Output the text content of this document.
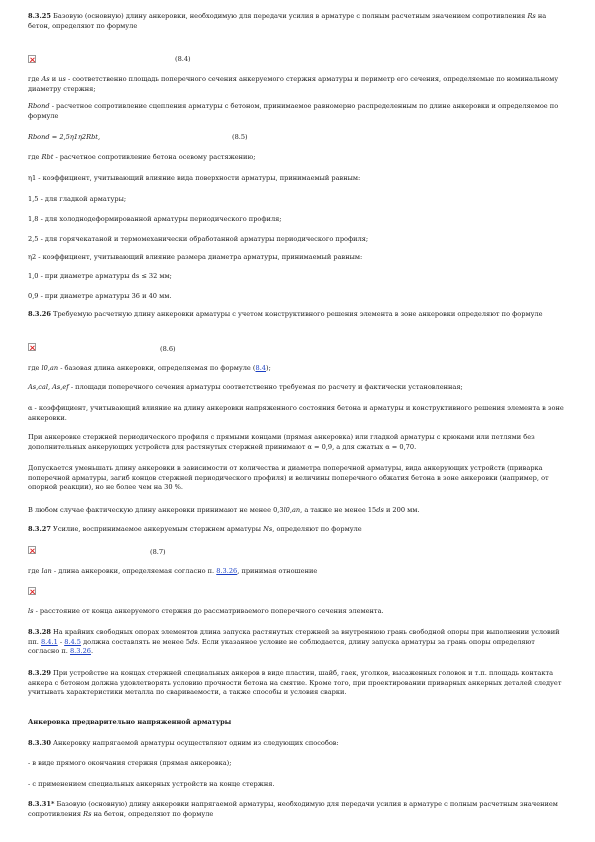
8.3.25 Базовую (основную) длину анкеровки, необходимую для передачи усилия в арматуре с полным расчетным значением сопротивления Rs на бетон, определяют по формуле

(8.4)

где As и us - соответственно площадь поперечного сечения анкеруемого стержня арматуры и периметр его сечения, определяемые по номинальному диаметру стержня;

Rbond - расчетное сопротивление сцепления арматуры с бетоном, принимаемое равномерно распределенным по длине анкеровки и определяемое по формуле

Rbond = 2,5η1η2Rbt,	(8.5)

где Rbt - расчетное сопротивление бетона осевому растяжению;

η1 - коэффициент, учитывающий влияние вида поверхности арматуры, принимаемый равным:

1,5 - для гладкой арматуры;

1,8 - для холоднодеформированной арматуры периодического профиля;

2,5 - для горячекатаной и термомеханически обработанной арматуры периодического профиля;

η2 - коэффициент, учитывающий влияние размера диаметра арматуры, принимаемый равным:

1,0 - при диаметре арматуры ds ≤ 32 мм;

0,9 - при диаметре арматуры 36 и 40 мм.

8.3.26 Требуемую расчетную длину анкеровки арматуры с учетом конструктивного решения элемента в зоне анкеровки определяют по формуле

(8.6)

где l0,an - базовая длина анкеровки, определяемая по формуле (8.4);

As,cal, As,ef - площади поперечного сечения арматуры соответственно требуемая по расчету и фактически установленная;

α - коэффициент, учитывающий влияние на длину анкеровки напряженного состояния бетона и арматуры и конструктивного решения элемента в зоне анкеровки.

При анкеровке стержней периодического профиля с прямыми концами (прямая анкеровка) или гладкой арматуры с крюками или петлями без дополнительных анкерующих устройств для растянутых стержней принимают α = 0,9, а для сжатых α = 0,70.

Допускается уменьшать длину анкеровки в зависимости от количества и диаметра поперечной арматуры, вида анкерующих устройств (приварка поперечной арматуры, загиб концов стержней периодического профиля) и величины поперечного обжатия бетона в зоне анкеровки (например, от опорной реакции), но не более чем на 30 %.

В любом случае фактическую длину анкеровки принимают не менее 0,3l0,an, а также не менее 15ds и 200 мм.

8.3.27 Усилие, воспринимаемое анкеруемым стержнем арматуры Ns, определяют по формуле

(8.7)

где lan - длина анкеровки, определяемая согласно п. 8.3.26, принимая отношение

ls - расстояние от конца анкеруемого стержня до рассматриваемого поперечного сечения элемента.

8.3.28 На крайних свободных опорах элементов длина запуска растянутых стержней за внутреннюю грань свободной опоры при выполнении условий пп. 8.4.1 - 8.4.5 должна составлять не менее 5ds. Если указанное условие не соблюдается, длину запуска арматуры за грань опоры определяют согласно п. 8.3.26.

8.3.29 При устройстве на концах стержней специальных анкеров в виде пластин, шайб, гаек, уголков, высаженных головок и т.п. площадь контакта анкера с бетоном должна удовлетворять условию прочности бетона на смятие. Кроме того, при проектировании приварных анкерных деталей следует учитывать характеристики металла по свариваемости, а также способы и условия сварки.

Анкеровка предварительно напряженной арматуры

8.3.30 Анкеровку напрягаемой арматуры осуществляют одним из следующих способов:

- в виде прямого окончания стержня (прямая анкеровка);

- с применением специальных анкерных устройств на конце стержня.

8.3.31* Базовую (основную) длину анкеровки напрягаемой арматуры, необходимую для передачи усилия в арматуре с полным расчетным значением сопротивления Rs на бетон, определяют по формуле
